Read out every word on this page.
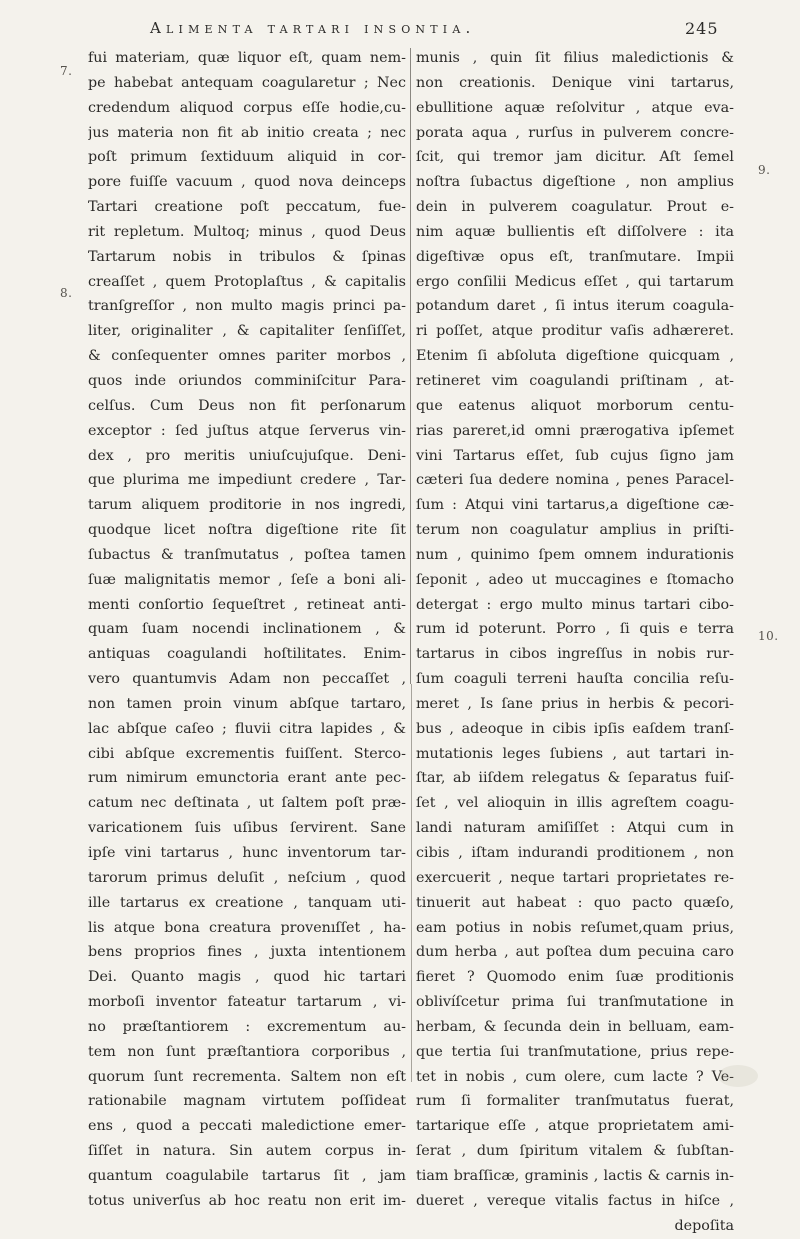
Alimenta tartari insontia.	245
7.
8.
9.
10.
fui materiam, quæ liquor eſt, quam nem-
pe habebat antequam coagularetur ; Nec
credendum aliquod corpus eſſe hodie,cu-
jus materia non fit ab initio creata ; nec
poſt primum ſextiduum aliquid in cor-
pore fuiſſe vacuum , quod nova deinceps
Tartari creatione poſt peccatum, fue-
rit repletum. Multoq; minus , quod Deus
Tartarum nobis in tribulos & ſpinas
creaſſet , quem Protoplaſtus , & capitalis
tranſgreſſor , non multo magis princi pa-
liter, originaliter , & capitaliter ſenſiſſet,
& conſequenter omnes pariter morbos ,
quos inde oriundos comminiſcitur Para-
celſus. Cum Deus non fit perſonarum
exceptor : ſed juſtus atque ſerverus vin-
dex , pro meritis uniuſcujuſque. Deni-
que plurima me impediunt credere , Tar-
tarum aliquem proditorie in nos ingredi,
quodque licet noſtra digeſtione rite ſit
ſubactus & tranſmutatus , poſtea tamen
ſuæ malignitatis memor , ſeſe a boni ali-
menti conſortio ſequeſtret , retineat anti-
quam ſuam nocendi inclinationem , &
antiquas coagulandi hoſtilitates. Enim-
vero quantumvis Adam non peccaſſet ,
non tamen proin vinum abſque tartaro,
lac abſque caſeo ; fluvii citra lapides , &
cibi abſque excrementis fuiſſent. Sterco-
rum nimirum emunctoria erant ante pec-
catum nec deſtinata , ut ſaltem poſt præ-
varicationem ſuis uſibus ſervirent. Sane
ipſe vini tartarus , hunc inventorum tar-
tarorum primus deluſit , neſcium , quod
ille tartarus ex creatione , tanquam uti-
lis atque bona creatura provenıſſet , ha-
bens proprios fines , juxta intentionem
Dei. Quanto magis , quod hic tartari
morboſi inventor fateatur tartarum , vi-
no præſtantiorem : excrementum au-
tem non ſunt præſtantiora corporibus ,
quorum ſunt recrementa. Saltem non eſt
rationabile magnam virtutem poſſideat
ens , quod a peccati maledictione emer-
ſiſſet in natura. Sin autem corpus in-
quantum coagulabile tartarus ſit , jam
totus univerſus ab hoc reatu non erit im-
munis , quin ſit filius maledictionis &
non creationis. Denique vini tartarus,
ebullitione aquæ reſolvitur , atque eva-
porata aqua , rurſus in pulverem concre-
ſcit, qui tremor jam dicitur. Aſt ſemel
noſtra ſubactus digeſtione , non amplius
dein in pulverem coagulatur. Prout e-
nim aquæ bullientis eſt diſſolvere : ita
digeſtivæ opus eſt, tranſmutare. Impii
ergo conſilii Medicus eſſet , qui tartarum
potandum daret , ſi intus iterum coagula-
ri poſſet, atque proditur vaſis adhæreret.
Etenim ſi abſoluta digeſtione quicquam ,
retineret vim coagulandi priſtinam , at-
que eatenus aliquot morborum centu-
rias pareret,id omni prærogativa ipſemet
vini Tartarus eſſet, ſub cujus ſigno jam
cæteri ſua dedere nomina , penes Paracel-
ſum : Atqui vini tartarus,a digeſtione cæ-
terum non coagulatur amplius in priſti-
num , quinimo ſpem omnem indurationis
ſeponit , adeo ut muccagines e ſtomacho
detergat : ergo multo minus tartari cibo-
rum id poterunt. Porro , ſi quis e terra
tartarus in cibos ingreſſus in nobis rur-
ſum coaguli terreni hauſta concilia reſu-
meret , Is ſane prius in herbis & pecori-
bus , adeoque in cibis ipſis eaſdem tranſ-
mutationis leges ſubiens , aut tartari in-
ſtar, ab iiſdem relegatus & ſeparatus fuiſ-
ſet , vel alioquin in illis agreſtem coagu-
landi naturam amiſiſſet : Atqui cum in
cibis , iſtam indurandi proditionem , non
exercuerit , neque tartari proprietates re-
tinuerit aut habeat : quo pacto quæſo,
eam potius in nobis reſumet,quam prius,
dum herba , aut poſtea dum pecuina caro
fieret ? Quomodo enim ſuæ proditionis
oblivíſcetur prima ſui tranſmutatione in
herbam, & ſecunda dein in belluam, eam-
que tertia ſui tranſmutatione, prius repe-
tet in nobis , cum olere, cum lacte ? Ve-
rum ſi formaliter tranſmutatus fuerat,
tartarique eſſe , atque proprietatem ami-
ſerat , dum ſpiritum vitalem & ſubſtan-
tiam braſſicæ, graminis , lactis & carnis in-
dueret , vereque vitalis factus in hiſce ,
depoſita
